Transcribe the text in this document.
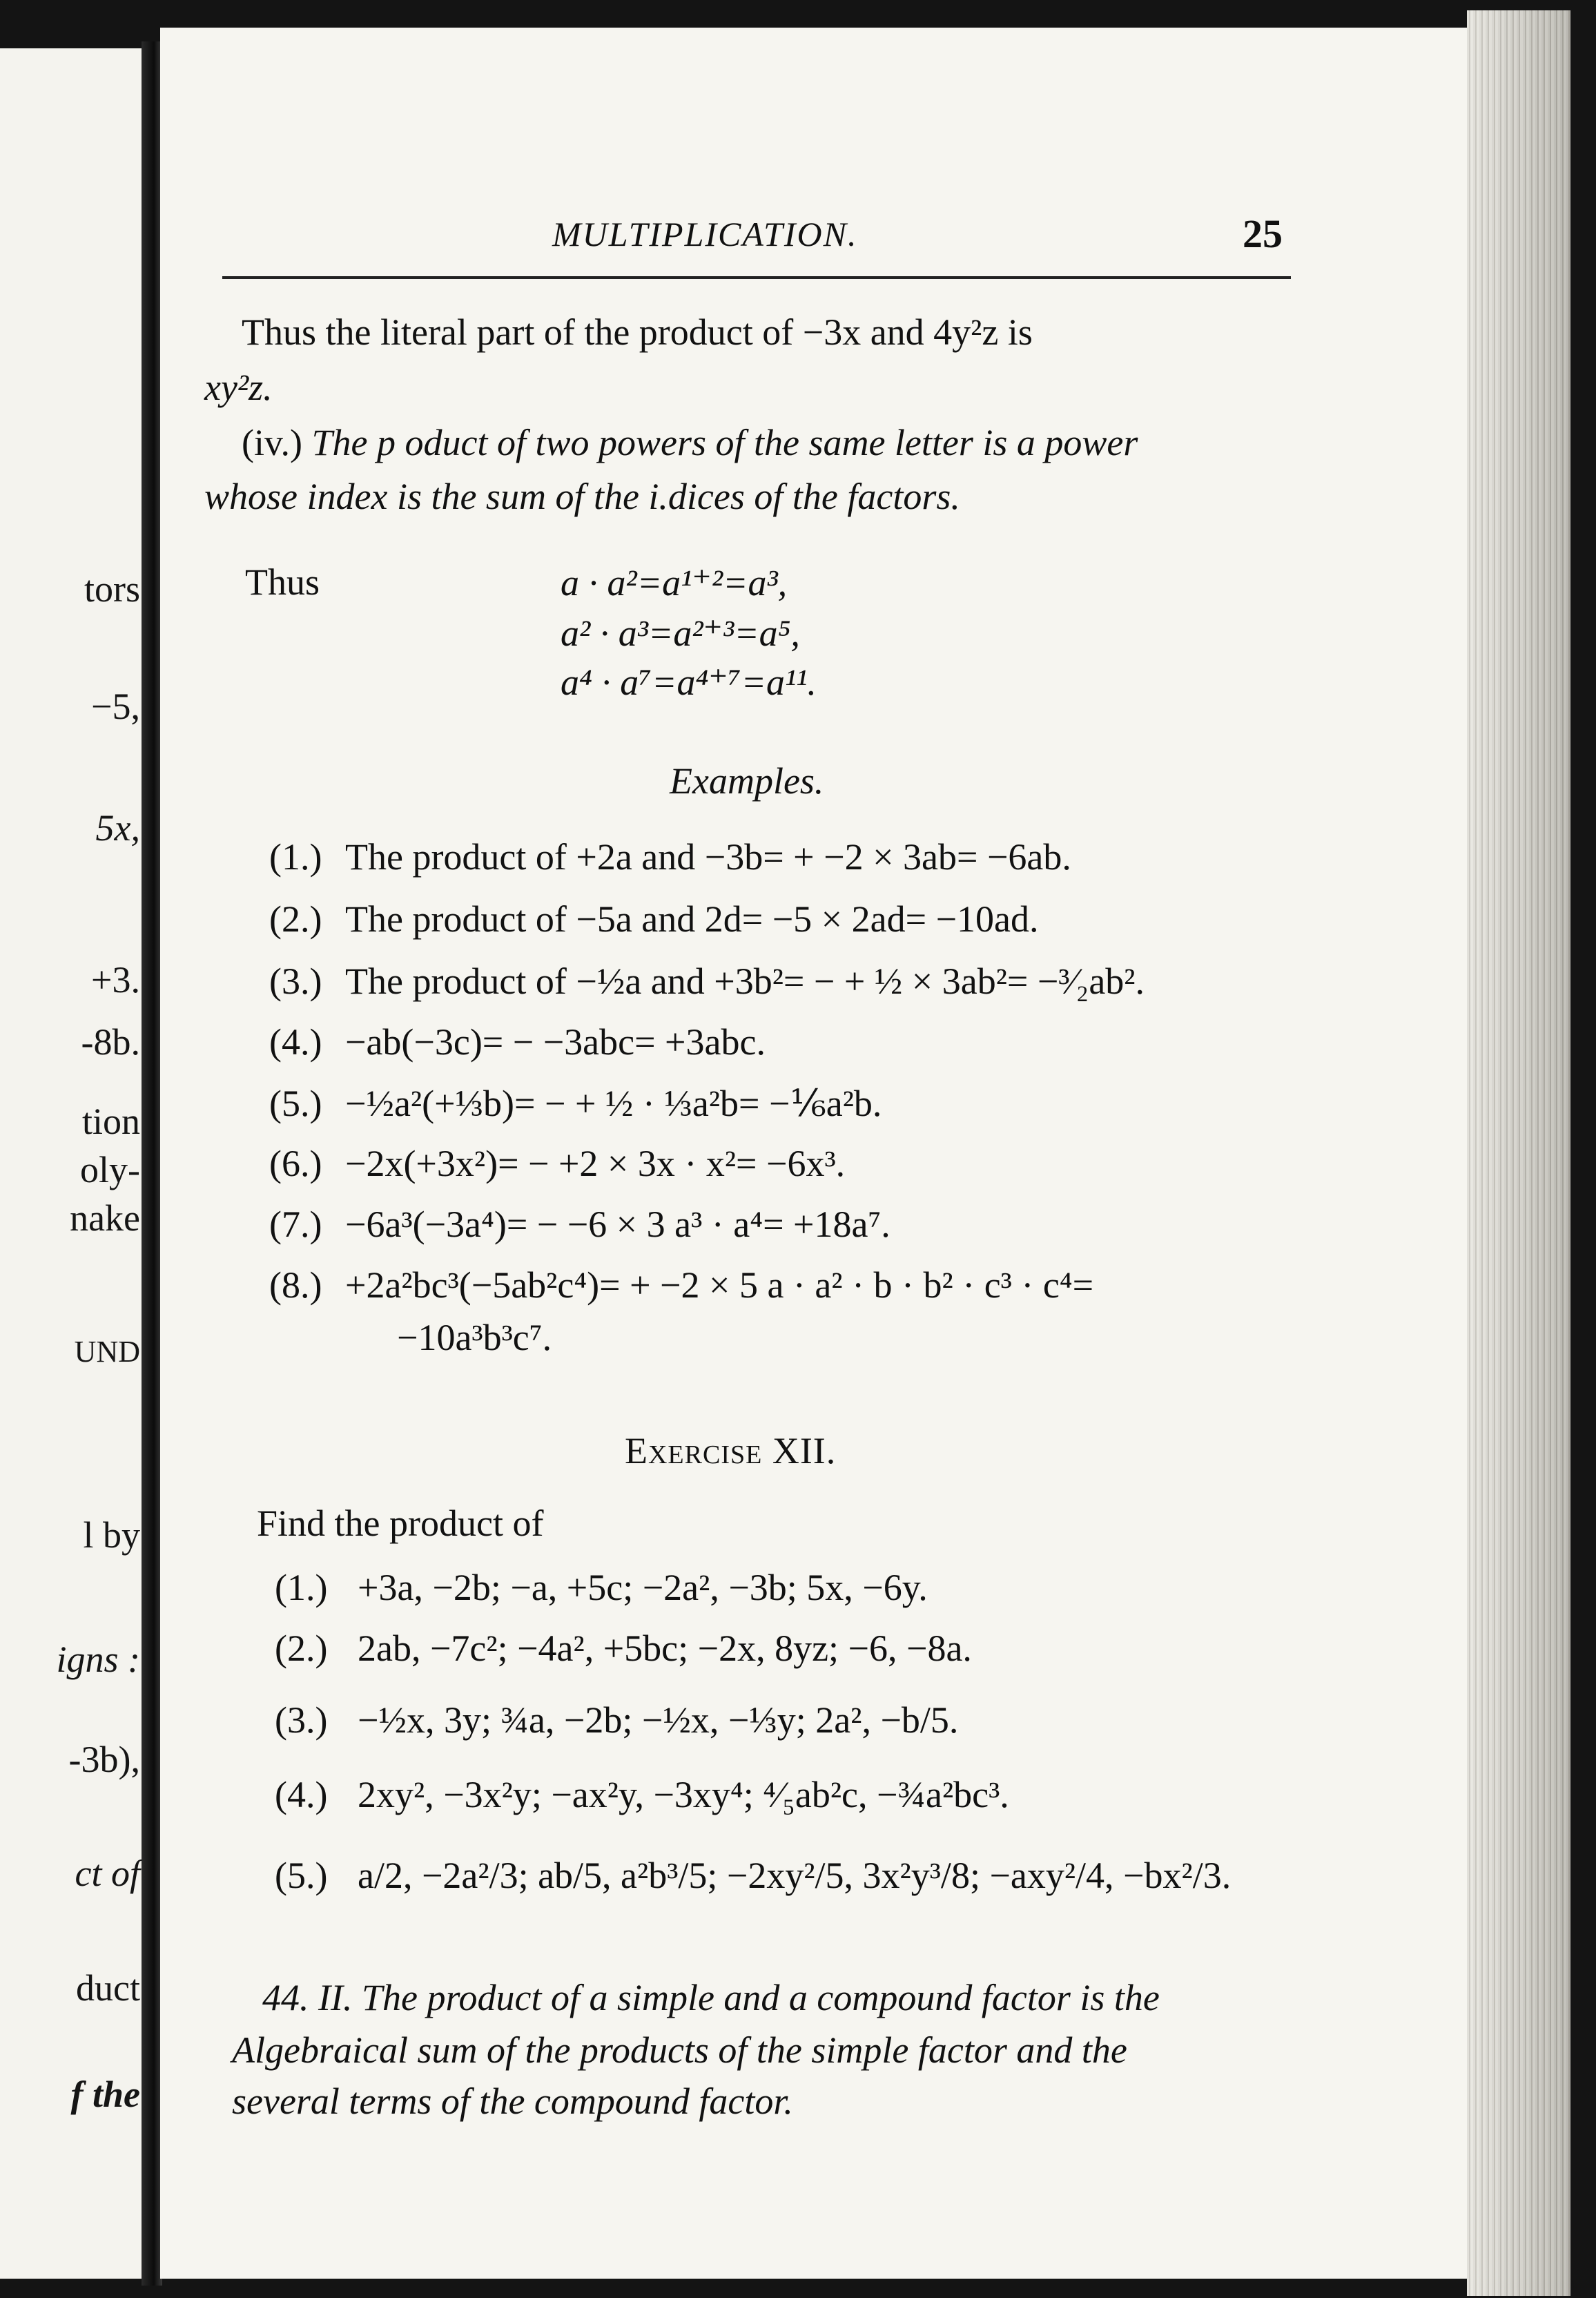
tors
−5,
5x,
+3.
-8b.
tion
oly-
nake
UND
l by
igns :
-3b),
ct of
duct
f the
MULTIPLICATION.	25
Thus the literal part of the product of −3x and 4y²z is
xy²z.
(iv.) The p oduct of two powers of the same letter is a power
whose index is the sum of the i.dices of the factors.
Thus	a · a²=a¹⁺²=a³,
a² · a³=a²⁺³=a⁵,
a⁴ · a⁷=a⁴⁺⁷=a¹¹.
Examples.
(1.) The product of +2a and −3b= + −2 × 3ab= −6ab.
(2.) The product of −5a and 2d= −5 × 2ad= −10ad.
(3.) The product of −½a and +3b²= − + ½ × 3ab²= −³⁄₂ab².
(4.) −ab(−3c)= − −3abc= +3abc.
(5.) −½a²(+⅓b)= − + ½ · ⅓a²b= −⅙a²b.
(6.) −2x(+3x²)= − +2 × 3x · x²= −6x³.
(7.) −6a³(−3a⁴)= − −6 × 3 a³ · a⁴= +18a⁷.
(8.) +2a²bc³(−5ab²c⁴)= + −2 × 5 a · a² · b · b² · c³ · c⁴=
−10a³b³c⁷.
Exercise XII.
Find the product of
(1.) +3a, −2b; −a, +5c; −2a², −3b; 5x, −6y.
(2.) 2ab, −7c²; −4a², +5bc; −2x, 8yz; −6, −8a.
(3.) −½x, 3y; ¾a, −2b; −½x, −⅓y; 2a², −b/5.
(4.) 2xy², −3x²y; −ax²y, −3xy⁴; ⁴⁄₅ab²c, −¾a²bc³.
(5.) a/2, −2a²/3; ab/5, a²b³/5; −2xy²/5, 3x²y³/8; −axy²/4, −bx²/3.
44. II. The product of a simple and a compound factor is the
Algebraical sum of the products of the simple factor and the
several terms of the compound factor.
